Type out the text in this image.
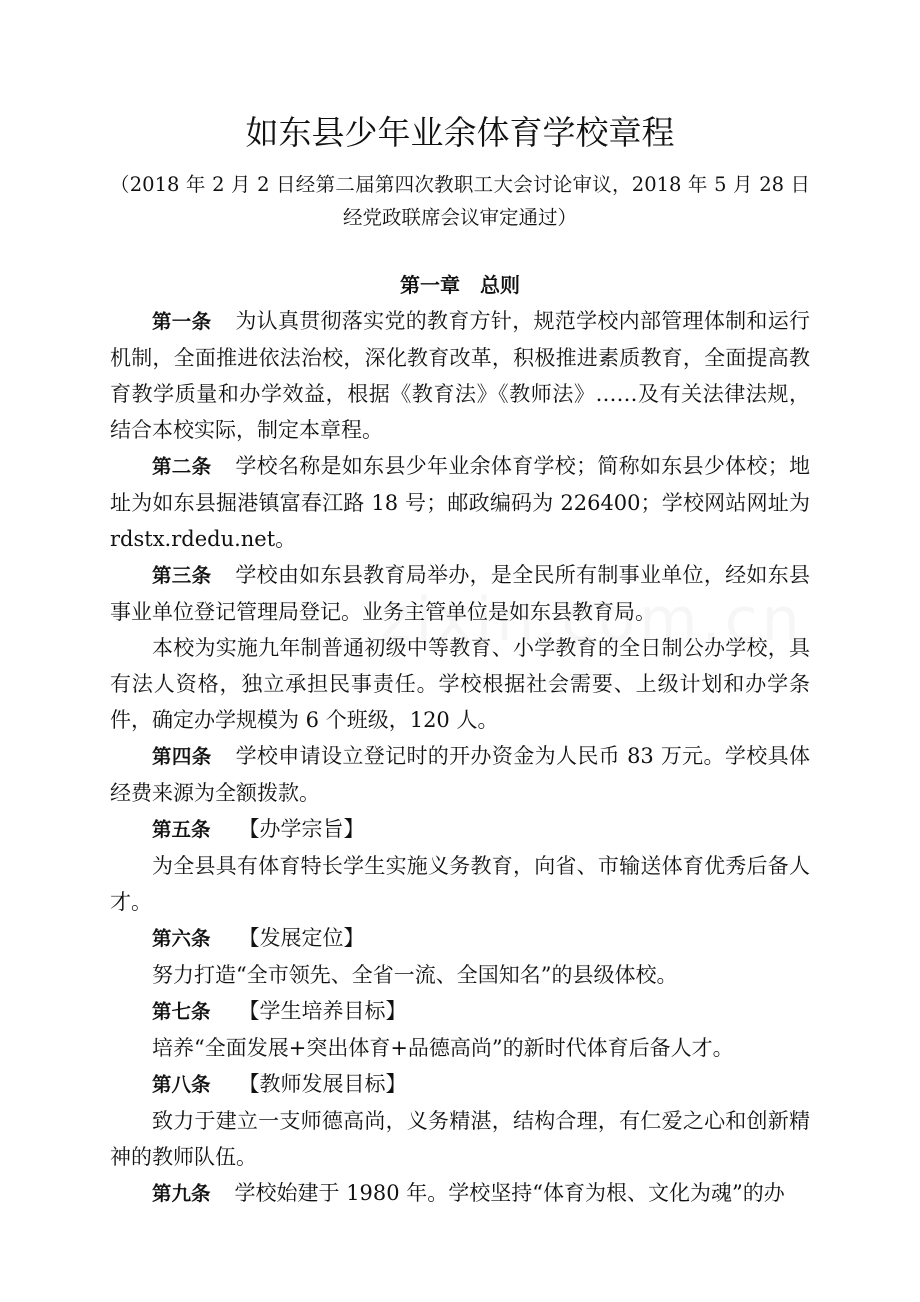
如东县少年业余体育学校章程
（2018 年 2 月 2 日经第二届第四次教职工大会讨论审议，2018 年 5 月 28 日经党政联席会议审定通过）
第一章　总则

第一条 为认真贯彻落实党的教育方针，规范学校内部管理体制和运行机制，全面推进依法治校，深化教育改革，积极推进素质教育，全面提高教育教学质量和办学效益，根据《教育法》《教师法》……及有关法律法规，结合本校实际，制定本章程。

第二条 学校名称是如东县少年业余体育学校；简称如东县少体校；地址为如东县掘港镇富春江路 18 号；邮政编码为 226400；学校网站网址为 rdstx.rdedu.net。

第三条 学校由如东县教育局举办，是全民所有制事业单位，经如东县事业单位登记管理局登记。业务主管单位是如东县教育局。

本校为实施九年制普通初级中等教育、小学教育的全日制公办学校，具有法人资格，独立承担民事责任。学校根据社会需要、上级计划和办学条件，确定办学规模为 6 个班级，120 人。

第四条 学校申请设立登记时的开办资金为人民币 83 万元。学校具体经费来源为全额拨款。

第五条 【办学宗旨】

为全县具有体育特长学生实施义务教育，向省、市输送体育优秀后备人才。

第六条 【发展定位】

努力打造“全市领先、全省一流、全国知名”的县级体校。

第七条 【学生培养目标】

培养“全面发展+突出体育+品德高尚”的新时代体育后备人才。

第八条 【教师发展目标】

致力于建立一支师德高尚，义务精湛，结构合理，有仁爱之心和创新精神的教师队伍。

第九条 学校始建于 1980 年。学校坚持“体育为根、文化为魂”的办
